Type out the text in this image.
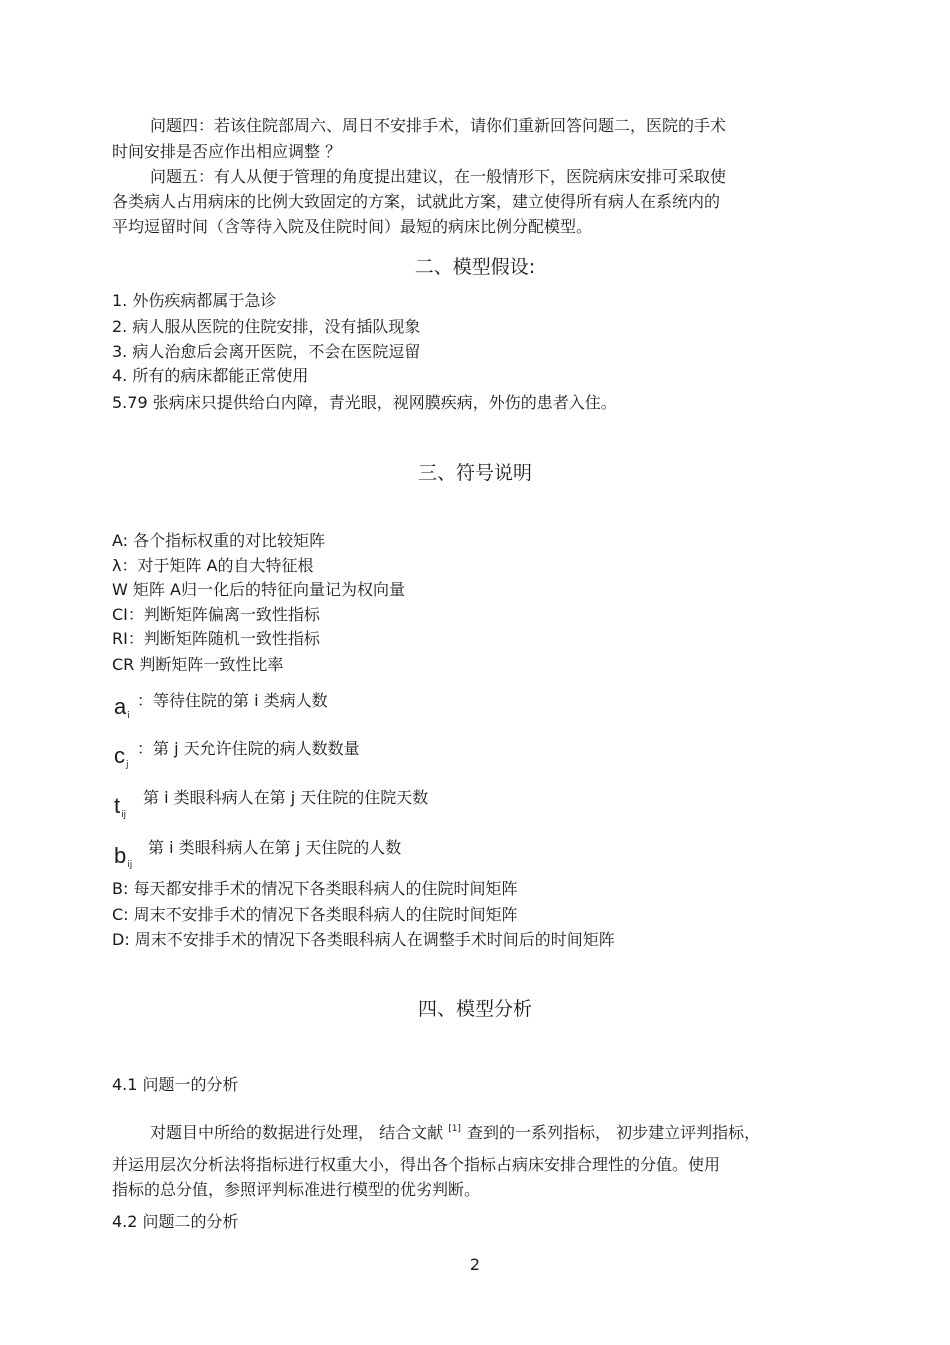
问题四：若该住院部周六、周日不安排手术，请你们重新回答问题二，医院的手术
时间安排是否应作出相应调整 ？
问题五：有人从便于管理的角度提出建议，在一般情形下，医院病床安排可采取使
各类病人占用病床的比例大致固定的方案，试就此方案，建立使得所有病人在系统内的
平均逗留时间（含等待入院及住院时间）最短的病床比例分配模型。
二、模型假设:
1. 外伤疾病都属于急诊
2. 病人服从医院的住院安排，没有插队现象
3. 病人治愈后会离开医院，不会在医院逗留
4. 所有的病床都能正常使用
5.79 张病床只提供给白内障，青光眼，视网膜疾病，外伤的患者入住。
三、符号说明
A: 各个指标权重的对比较矩阵
λ：对于矩阵 A的自大特征根
W 矩阵 A归一化后的特征向量记为权向量
CI：判断矩阵偏离一致性指标
RI：判断矩阵随机一致性指标
CR 判断矩阵一致性比率
$a_i$
：等待住院的第 i 类病人数
$c_j$
：第 j 天允许住院的病人数数量
$t_{ij}$
第 i 类眼科病人在第 j 天住院的住院天数
$b_{ij}$
第 i 类眼科病人在第 j 天住院的人数
B: 每天都安排手术的情况下各类眼科病人的住院时间矩阵
C: 周末不安排手术的情况下各类眼科病人的住院时间矩阵
D: 周末不安排手术的情况下各类眼科病人在调整手术时间后的时间矩阵
四、模型分析
4.1 问题一的分析
对题目中所给的数据进行处理， 结合文献 [1] 查到的一系列指标， 初步建立评判指标，
并运用层次分析法将指标进行权重大小，得出各个指标占病床安排合理性的分值。使用
指标的总分值，参照评判标准进行模型的优劣判断。
4.2 问题二的分析
2
